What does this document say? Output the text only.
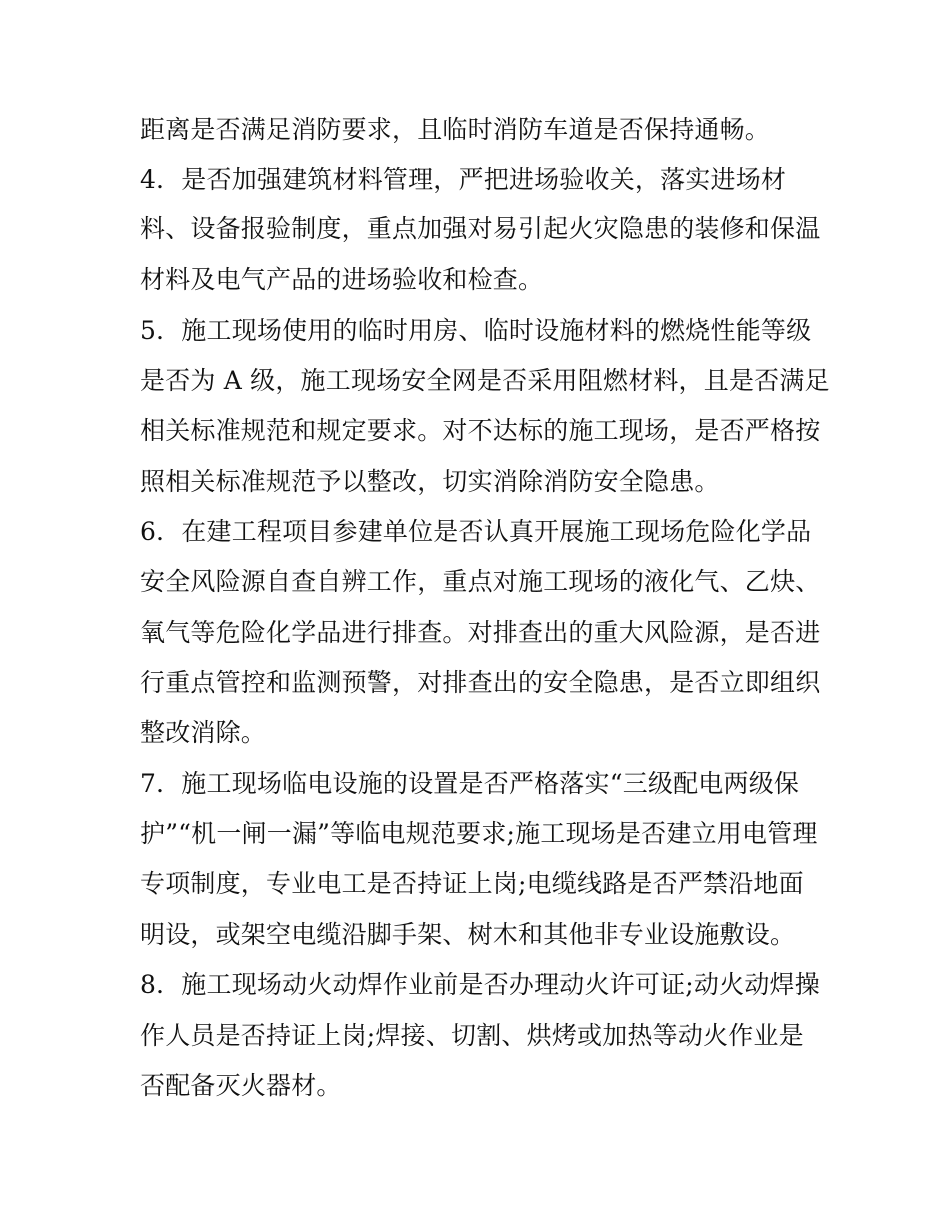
距离是否满足消防要求，且临时消防车道是否保持通畅。
4．是否加强建筑材料管理，严把进场验收关，落实进场材
料、设备报验制度，重点加强对易引起火灾隐患的装修和保温
材料及电气产品的进场验收和检查。
5．施工现场使用的临时用房、临时设施材料的燃烧性能等级
是否为 A 级，施工现场安全网是否采用阻燃材料，且是否满足
相关标准规范和规定要求。对不达标的施工现场，是否严格按
照相关标准规范予以整改，切实消除消防安全隐患。
6．在建工程项目参建单位是否认真开展施工现场危险化学品
安全风险源自查自辨工作，重点对施工现场的液化气、乙炔、
氧气等危险化学品进行排查。对排查出的重大风险源，是否进
行重点管控和监测预警，对排查出的安全隐患，是否立即组织
整改消除。
7．施工现场临电设施的设置是否严格落实“三级配电两级保
护”“机一闸一漏”等临电规范要求;施工现场是否建立用电管理
专项制度，专业电工是否持证上岗;电缆线路是否严禁沿地面
明设，或架空电缆沿脚手架、树木和其他非专业设施敷设。
8．施工现场动火动焊作业前是否办理动火许可证;动火动焊操
作人员是否持证上岗;焊接、切割、烘烤或加热等动火作业是
否配备灭火器材。
